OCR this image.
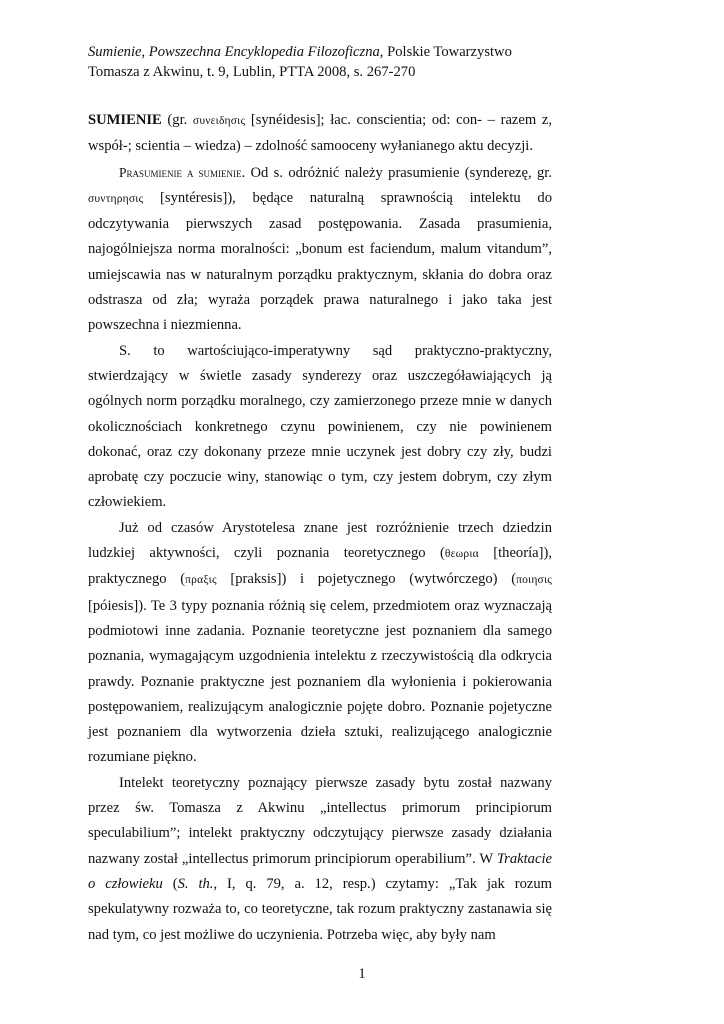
Sumienie, Powszechna Encyklopedia Filozoficzna, Polskie Towarzystwo
Tomasza z Akwinu, t. 9, Lublin, PTTA 2008, s. 267-270

SUMIENIE (gr. συνειδησις [synéidesis]; łac. conscientia; od: con- – razem z, współ-; scientia – wiedza) – zdolność samooceny wyłanianego aktu decyzji.

Prasumienie a sumienie. Od s. odróżnić należy prasumienie (synderezę, gr. συντηρησις [syntéresis]), będące naturalną sprawnością intelektu do odczytywania pierwszych zasad postępowania. Zasada prasumienia, najogólniejsza norma moralności: „bonum est faciendum, malum vitandum”, umiejscawia nas w naturalnym porządku praktycznym, skłania do dobra oraz odstrasza od zła; wyraża porządek prawa naturalnego i jako taka jest powszechna i niezmienna.

S. to wartościująco-imperatywny sąd praktyczno-praktyczny, stwierdzający w świetle zasady synderezy oraz uszczegóławiających ją ogólnych norm porządku moralnego, czy zamierzonego przeze mnie w danych okolicznościach konkretnego czynu powinienem, czy nie powinienem dokonać, oraz czy dokonany przeze mnie uczynek jest dobry czy zły, budzi aprobatę czy poczucie winy, stanowiąc o tym, czy jestem dobrym, czy złym człowiekiem.

Już od czasów Arystotelesa znane jest rozróżnienie trzech dziedzin ludzkiej aktywności, czyli poznania teoretycznego (θεωρια [theoría]), praktycznego (πραξις [praksis]) i pojetycznego (wytwórczego) (ποιησις [póiesis]). Te 3 typy poznania różnią się celem, przedmiotem oraz wyznaczają podmiotowi inne zadania. Poznanie teoretyczne jest poznaniem dla samego poznania, wymagającym uzgodnienia intelektu z rzeczywistością dla odkrycia prawdy. Poznanie praktyczne jest poznaniem dla wyłonienia i pokierowania postępowaniem, realizującym analogicznie pojęte dobro. Poznanie pojetyczne jest poznaniem dla wytworzenia dzieła sztuki, realizującego analogicznie rozumiane piękno.

Intelekt teoretyczny poznający pierwsze zasady bytu został nazwany przez św. Tomasza z Akwinu „intellectus primorum principiorum speculabilium”; intelekt praktyczny odczytujący pierwsze zasady działania nazwany został „intellectus primorum principiorum operabilium”. W Traktacie o człowieku (S. th., I, q. 79, a. 12, resp.) czytamy: „Tak jak rozum spekulatywny rozważa to, co teoretyczne, tak rozum praktyczny zastanawia się nad tym, co jest możliwe do uczynienia. Potrzeba więc, aby były nam

1
